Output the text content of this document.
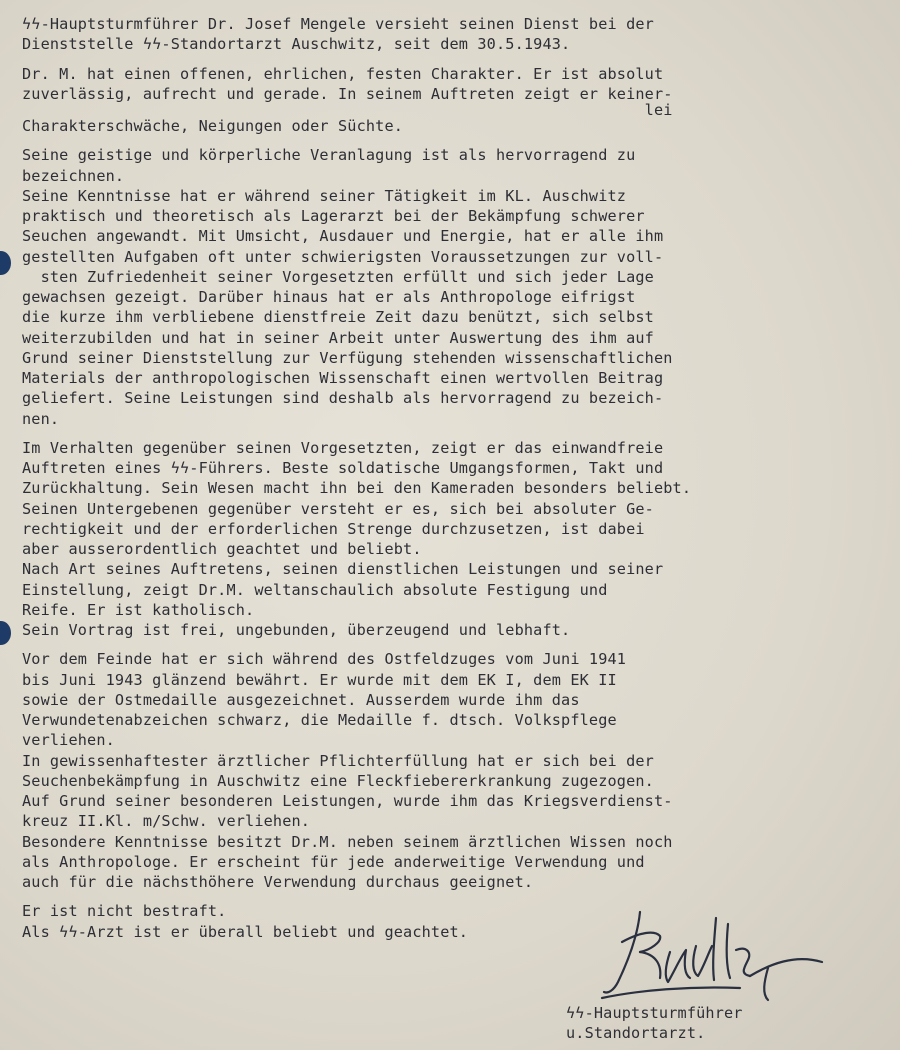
ϟϟ-Hauptsturmführer Dr. Josef Mengele versieht seinen Dienst bei der
Dienststelle ϟϟ-Standortarzt Auschwitz, seit dem 30.5.1943.
Dr. M. hat einen offenen, ehrlichen, festen Charakter. Er ist absolut
zuverlässig, aufrecht und gerade. In seinem Auftreten zeigt er keiner-
lei
Charakterschwäche, Neigungen oder Süchte.
Seine geistige und körperliche Veranlagung ist als hervorragend zu
bezeichnen.
Seine Kenntnisse hat er während seiner Tätigkeit im KL. Auschwitz
praktisch und theoretisch als Lagerarzt bei der Bekämpfung schwerer
Seuchen angewandt. Mit Umsicht, Ausdauer und Energie, hat er alle ihm
gestellten Aufgaben oft unter schwierigsten Voraussetzungen zur voll-
sten Zufriedenheit seiner Vorgesetzten erfüllt und sich jeder Lage
gewachsen gezeigt. Darüber hinaus hat er als Anthropologe eifrigst
die kurze ihm verbliebene dienstfreie Zeit dazu benützt, sich selbst
weiterzubilden und hat in seiner Arbeit unter Auswertung des ihm auf
Grund seiner Dienststellung zur Verfügung stehenden wissenschaftlichen
Materials der anthropologischen Wissenschaft einen wertvollen Beitrag
geliefert. Seine Leistungen sind deshalb als hervorragend zu bezeich-
nen.
Im Verhalten gegenüber seinen Vorgesetzten, zeigt er das einwandfreie
Auftreten eines ϟϟ-Führers. Beste soldatische Umgangsformen, Takt und
Zurückhaltung. Sein Wesen macht ihn bei den Kameraden besonders beliebt.
Seinen Untergebenen gegenüber versteht er es, sich bei absoluter Ge-
rechtigkeit und der erforderlichen Strenge durchzusetzen, ist dabei
aber ausserordentlich geachtet und beliebt.
Nach Art seines Auftretens, seinen dienstlichen Leistungen und seiner
Einstellung, zeigt Dr.M. weltanschaulich absolute Festigung und
Reife. Er ist katholisch.
Sein Vortrag ist frei, ungebunden, überzeugend und lebhaft.
Vor dem Feinde hat er sich während des Ostfeldzuges vom Juni 1941
bis Juni 1943 glänzend bewährt. Er wurde mit dem EK I, dem EK II
sowie der Ostmedaille ausgezeichnet. Ausserdem wurde ihm das
Verwundetenabzeichen schwarz, die Medaille f. dtsch. Volkspflege
verliehen.
In gewissenhaftester ärztlicher Pflichterfüllung hat er sich bei der
Seuchenbekämpfung in Auschwitz eine Fleckfiebererkrankung zugezogen.
Auf Grund seiner besonderen Leistungen, wurde ihm das Kriegsverdienst-
kreuz II.Kl. m/Schw. verliehen.
Besondere Kenntnisse besitzt Dr.M. neben seinem ärztlichen Wissen noch
als Anthropologe. Er erscheint für jede anderweitige Verwendung und
auch für die nächsthöhere Verwendung durchaus geeignet.
Er ist nicht bestraft.
Als ϟϟ-Arzt ist er überall beliebt und geachtet.
ϟϟ-Hauptsturmführer
u.Standortarzt.
